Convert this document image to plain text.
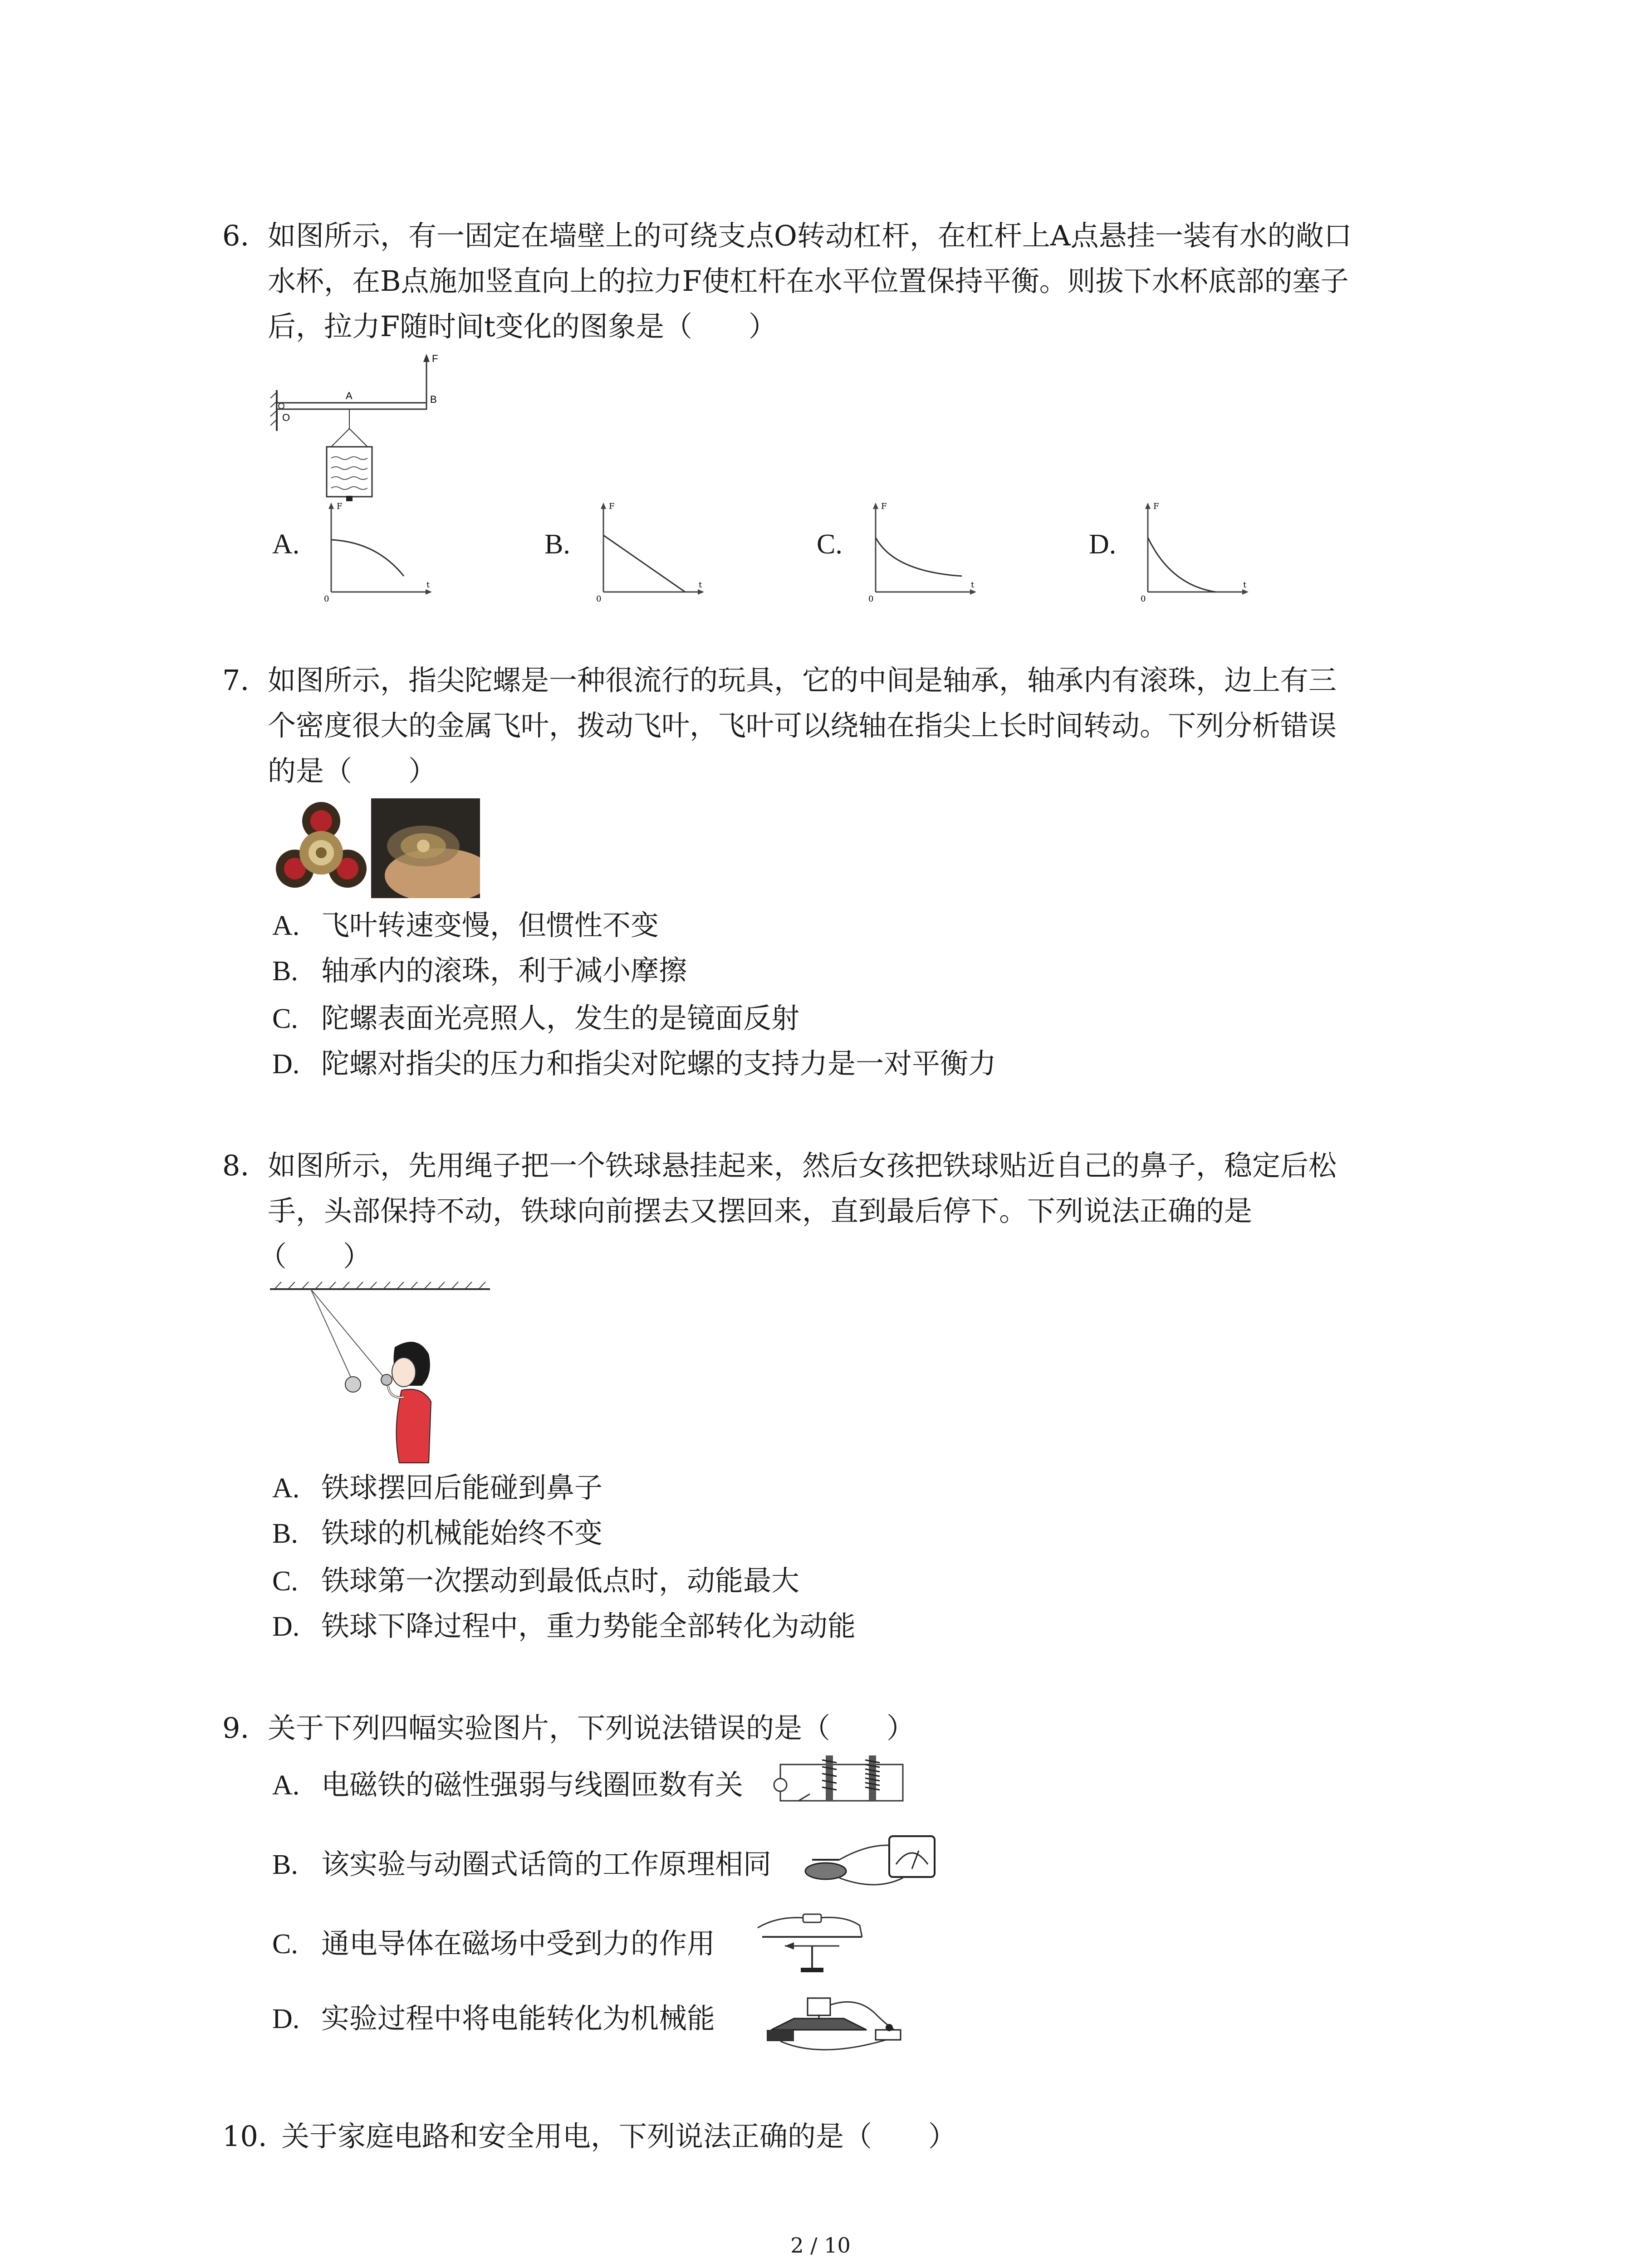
6. 如图所示，有一固定在墙壁上的可绕支点O转动杠杆，在杠杆上A点悬挂一装有水的敞口
水杯，在B点施加竖直向上的拉力F使杠杆在水平位置保持平衡。则拔下水杯底部的塞子
后，拉力F随时间t变化的图象是（　　）
F
A	B
O
A.
F
t
0
B.
F
t
0
C.
F
t
0
D.
F
t
0
7. 如图所示，指尖陀螺是一种很流行的玩具，它的中间是轴承，轴承内有滚珠，边上有三
个密度很大的金属飞叶，拨动飞叶，飞叶可以绕轴在指尖上长时间转动。下列分析错误
的是（　　）
A. 飞叶转速变慢，但惯性不变
B. 轴承内的滚珠，利于减小摩擦
C. 陀螺表面光亮照人，发生的是镜面反射
D. 陀螺对指尖的压力和指尖对陀螺的支持力是一对平衡力
8. 如图所示，先用绳子把一个铁球悬挂起来，然后女孩把铁球贴近自己的鼻子，稳定后松
手，头部保持不动，铁球向前摆去又摆回来，直到最后停下。下列说法正确的是
（　　）
A. 铁球摆回后能碰到鼻子
B. 铁球的机械能始终不变
C. 铁球第一次摆动到最低点时，动能最大
D. 铁球下降过程中，重力势能全部转化为动能
9. 关于下列四幅实验图片，下列说法错误的是（　　）
A. 电磁铁的磁性强弱与线圈匝数有关
B. 该实验与动圈式话筒的工作原理相同
C. 通电导体在磁场中受到力的作用
D. 实验过程中将电能转化为机械能
10. 关于家庭电路和安全用电，下列说法正确的是（　　）
2 / 10
